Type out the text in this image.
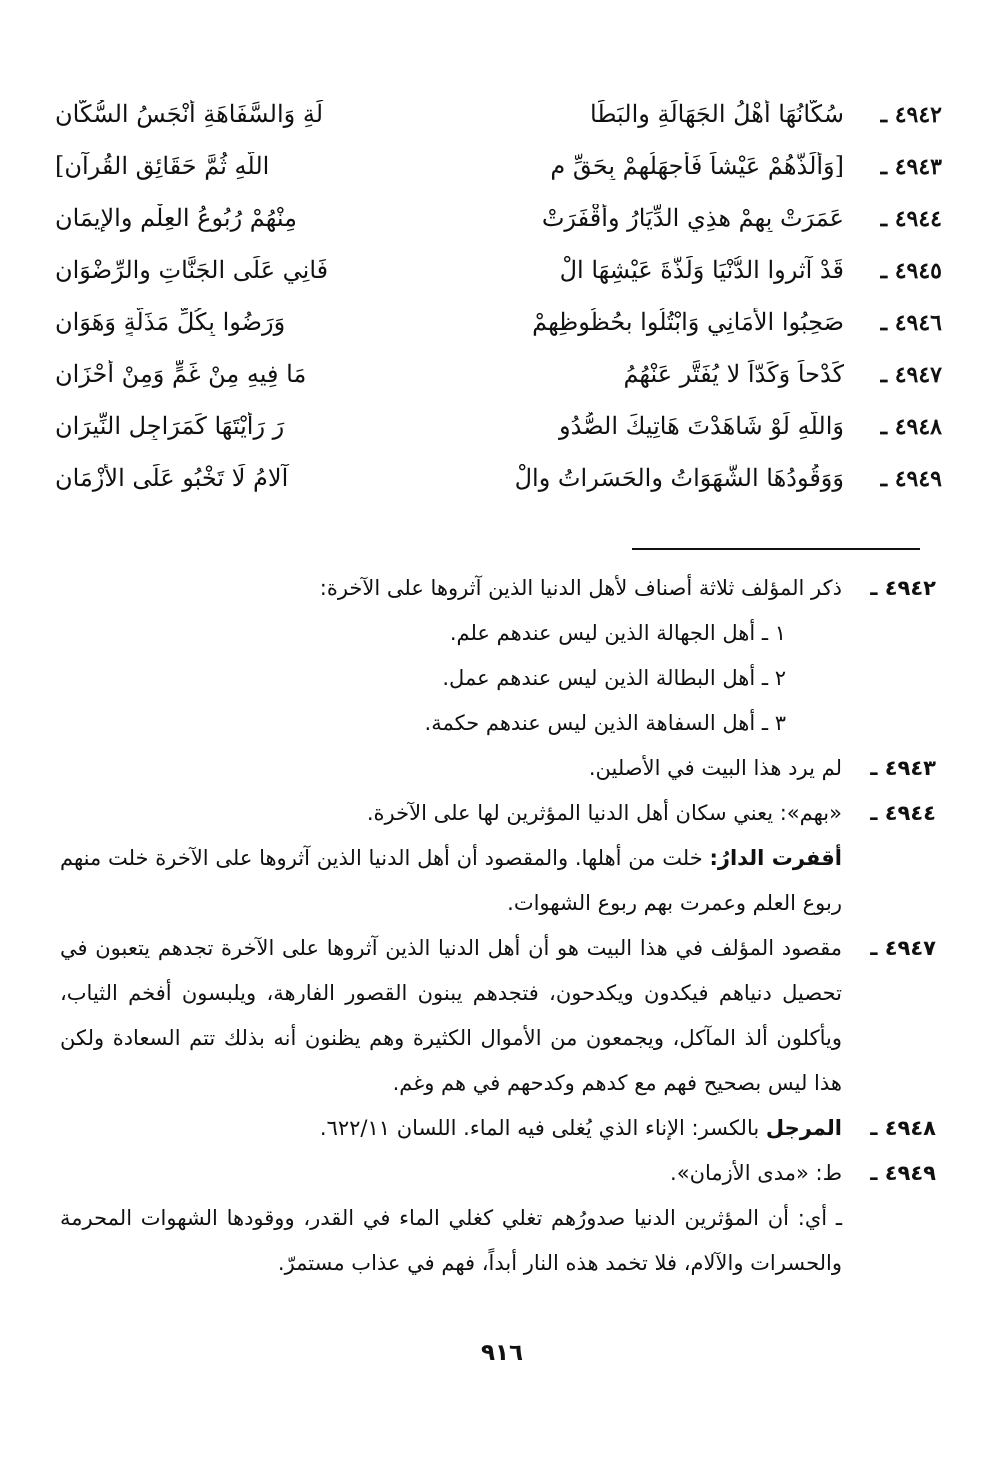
٤٩٤٢ ـ
سُكَّانُهَا أَهْلُ الجَهَالَةِ والبَطَا
لَةِ وَالسَّفَاهَةِ أَنْجَسُ السُّكَّانِ
٤٩٤٣ ـ
[وَأَلَذُّهُمْ عَيْشاً فَأَجهَلُهمْ بِحَقِّ م
اللَّهِ ثُمَّ حَقَائِقِ القُرآنِ]
٤٩٤٤ ـ
عَمَرَتْ بِهِمْ هذِي الدِّيَارُ وأَقْفَرَتْ
مِنْهُمْ رُبُوعُ العِلْمِ والإيمَانِ
٤٩٤٥ ـ
قَدْ آثروا الدُّنْيَا وَلَذَّةَ عَيْشِهَا الْ
فَانِي عَلَى الجَنَّاتِ والرِّضْوَانِ
٤٩٤٦ ـ
صَحِبُوا الأَمَانِي وَابْتُلُوا بحُظُوظِهِمْ
وَرَضُوا بِكُلِّ مَذَلَّةٍ وَهَوَانِ
٤٩٤٧ ـ
كَدْحاً وَكَدّاً لا يُفَتَّر عَنْهُمُ
مَا فِيهِ مِنْ غَمٍّ وَمِنْ أحْزَانِ
٤٩٤٨ ـ
وَاللَّهِ لَوْ شَاهَدْتَ هَاتِيكَ الصُّدُو
رَ رَأيْتَهَا كَمَرَاجِلِ النِّيرَانِ
٤٩٤٩ ـ
وَوَقُودُهَا الشَّهَوَاتُ والحَسَراتُ والْ
آلامُ لَا تَخْبُو عَلَى الأزْمَانِ
٤٩٤٢ ـ
ذكر المؤلف ثلاثة أصناف لأهل الدنيا الذين آثروها على الآخرة:
١ ـ أهل الجهالة الذين ليس عندهم علم.
٢ ـ أهل البطالة الذين ليس عندهم عمل.
٣ ـ أهل السفاهة الذين ليس عندهم حكمة.
٤٩٤٣ ـ
لم يرد هذا البيت في الأصلين.
٤٩٤٤ ـ
«بهم»: يعني سكان أهل الدنيا المؤثرين لها على الآخرة.
أقفرت الدارُ: خلت من أهلها. والمقصود أن أهل الدنيا الذين آثروها على الآخرة خلت منهم ربوع العلم وعمرت بهم ربوع الشهوات.
٤٩٤٧ ـ
مقصود المؤلف في هذا البيت هو أن أهل الدنيا الذين آثروها على الآخرة تجدهم يتعبون في تحصيل دنياهم فيكدون ويكدحون، فتجدهم يبنون القصور الفارهة، ويلبسون أفخم الثياب، ويأكلون ألذ المآكل، ويجمعون من الأموال الكثيرة وهم يظنون أنه بذلك تتم السعادة ولكن هذا ليس بصحيح فهم مع كدهم وكدحهم في هم وغم.
٤٩٤٨ ـ
المرجل بالكسر: الإناء الذي يُغلى فيه الماء. اللسان ٦٢٢/١١.
٤٩٤٩ ـ
ط: «مدى الأزمان».
ـ أي: أن المؤثرين الدنيا صدورُهم تغلي كغلي الماء في القدر، ووقودها الشهوات المحرمة والحسرات والآلام، فلا تخمد هذه النار أبداً، فهم في عذاب مستمرّ.
٩١٦
